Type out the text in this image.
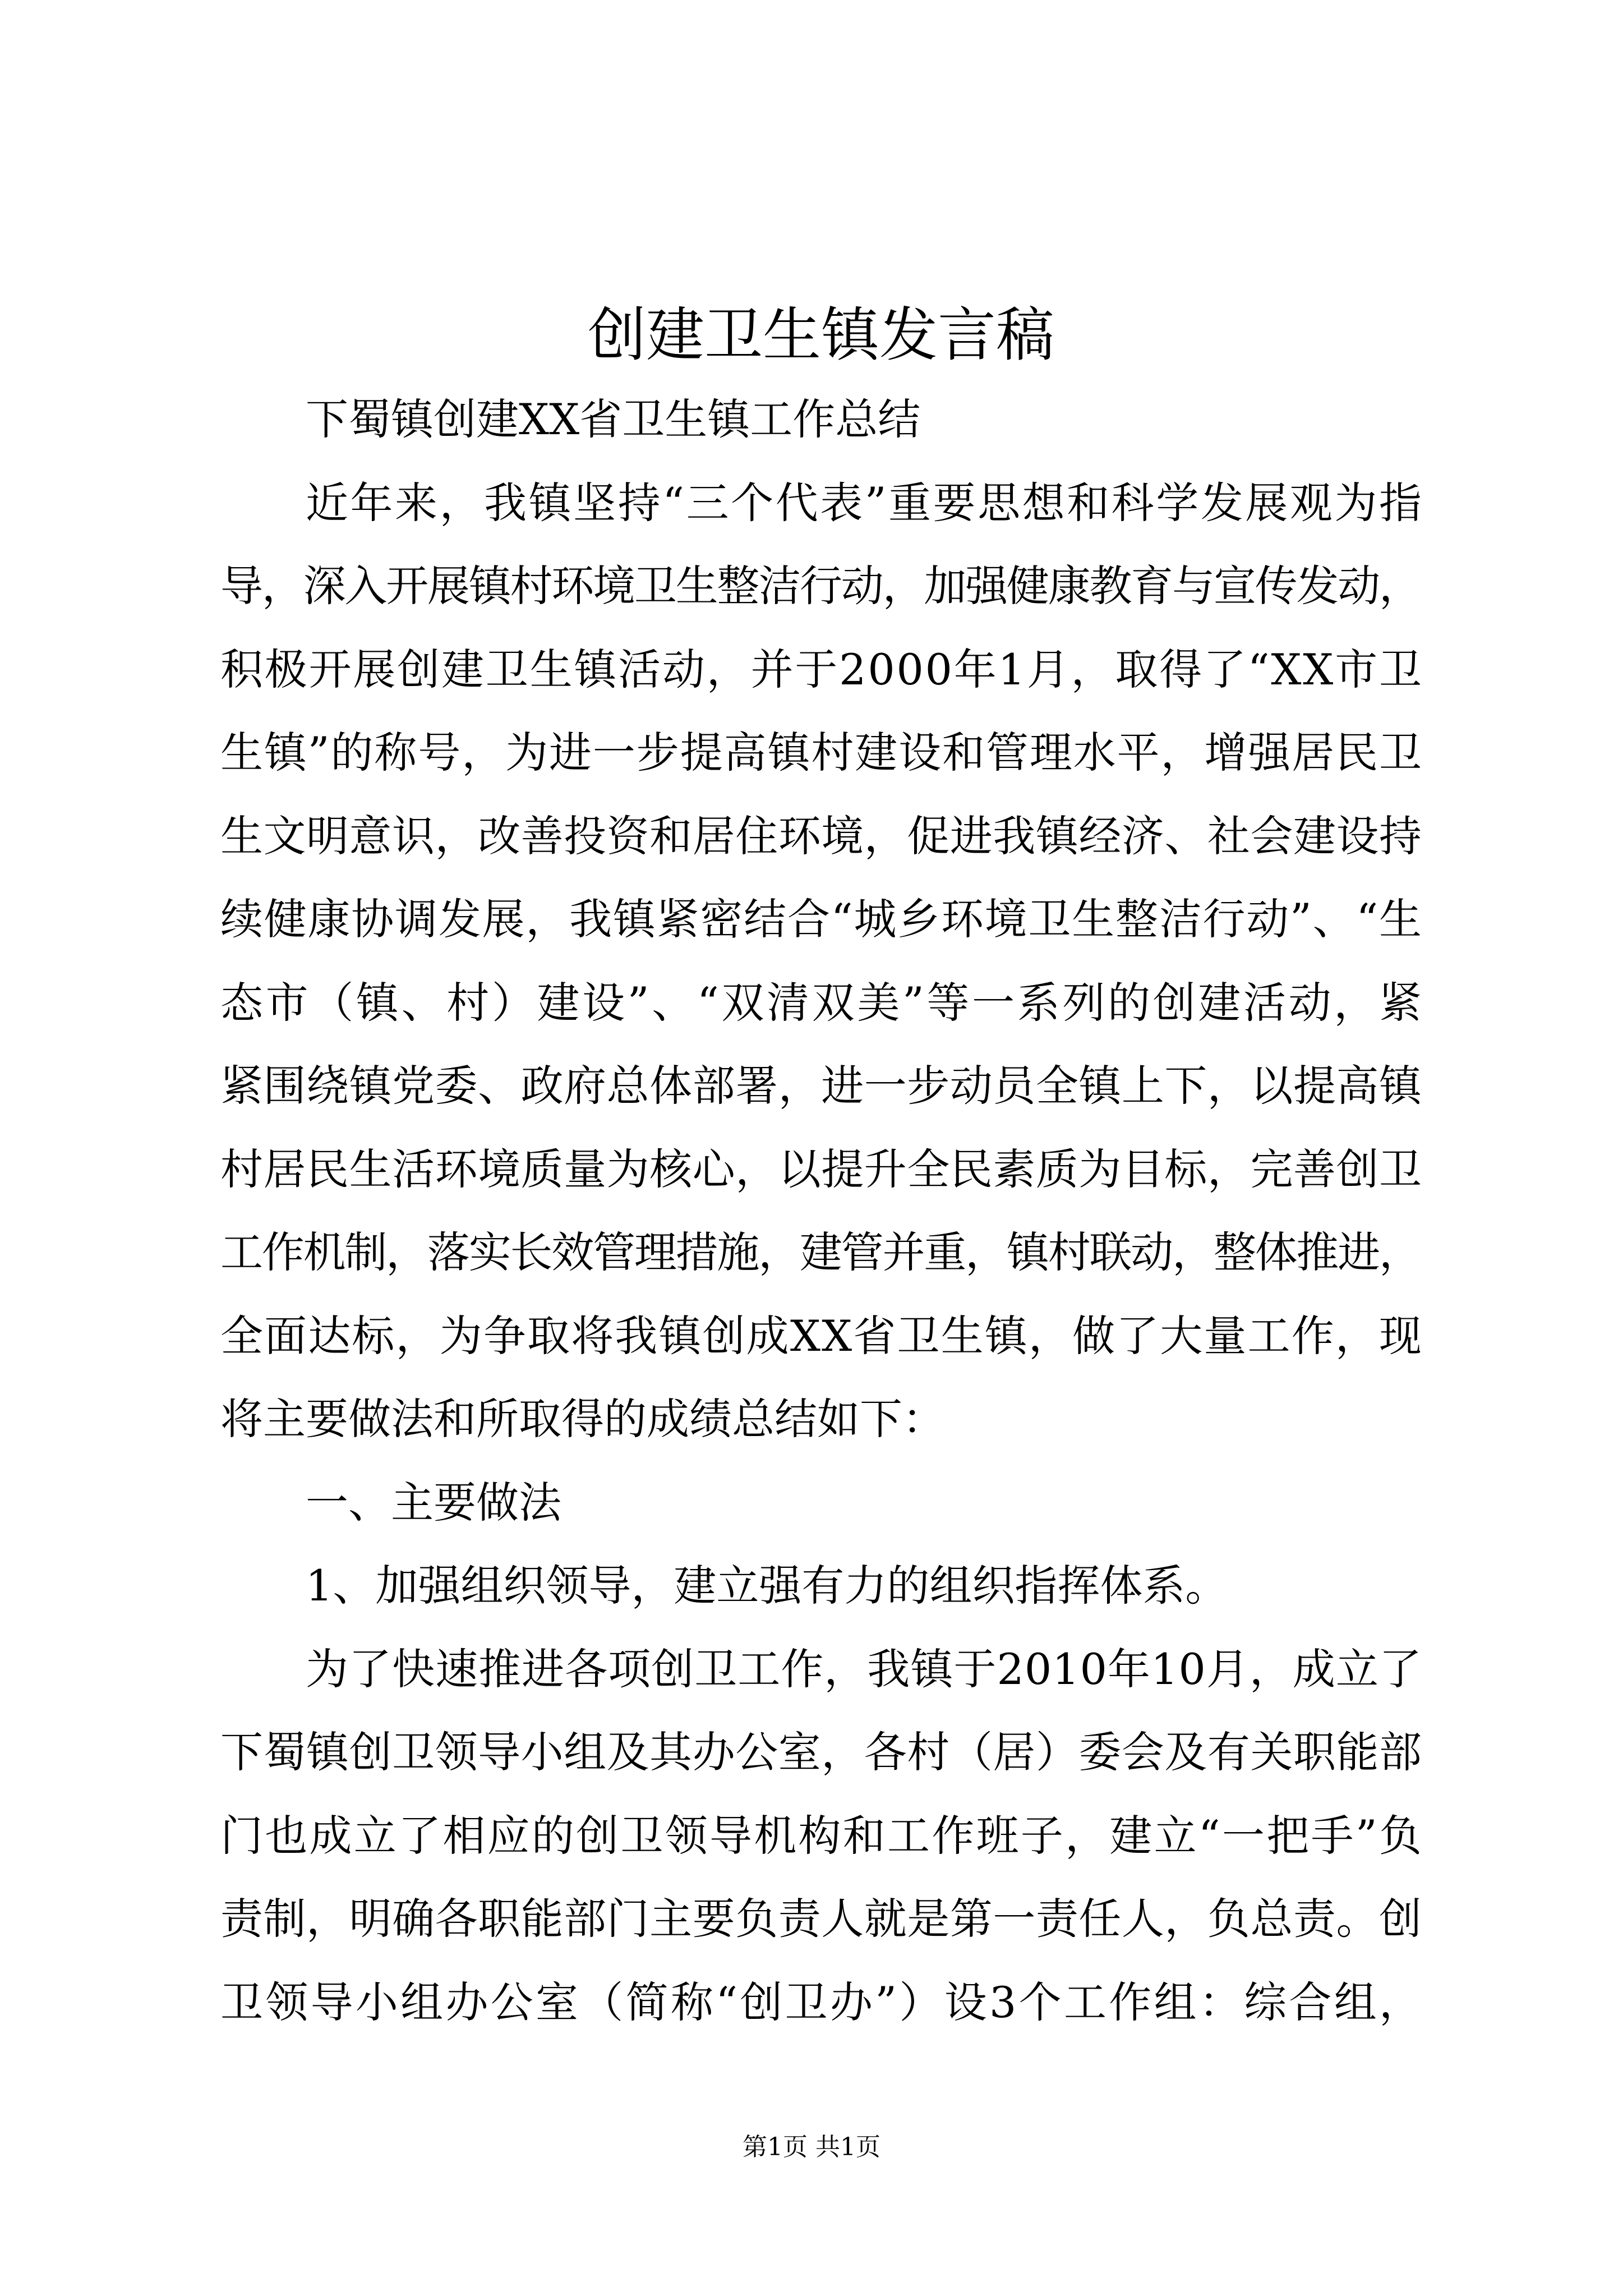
创建卫生镇发言稿
下蜀镇创建XX省卫生镇工作总结
近年来，我镇坚持“三个代表”重要思想和科学发展观为指
导，深入开展镇村环境卫生整洁行动，加强健康教育与宣传发动，
积极开展创建卫生镇活动，并于2000年1月，取得了“XX市卫
生镇”的称号，为进一步提高镇村建设和管理水平，增强居民卫
生文明意识，改善投资和居住环境，促进我镇经济、社会建设持
续健康协调发展，我镇紧密结合“城乡环境卫生整洁行动”、“生
态市（镇、村）建设”、“双清双美”等一系列的创建活动，紧
紧围绕镇党委、政府总体部署，进一步动员全镇上下，以提高镇
村居民生活环境质量为核心，以提升全民素质为目标，完善创卫
工作机制，落实长效管理措施，建管并重，镇村联动，整体推进，
全面达标，为争取将我镇创成XX省卫生镇，做了大量工作，现
将主要做法和所取得的成绩总结如下：
一、主要做法
1、加强组织领导，建立强有力的组织指挥体系。
为了快速推进各项创卫工作，我镇于2010年10月，成立了
下蜀镇创卫领导小组及其办公室，各村（居）委会及有关职能部
门也成立了相应的创卫领导机构和工作班子，建立“一把手”负
责制，明确各职能部门主要负责人就是第一责任人，负总责。创
卫领导小组办公室（简称“创卫办”）设3个工作组：综合组，
第1页 共1页
